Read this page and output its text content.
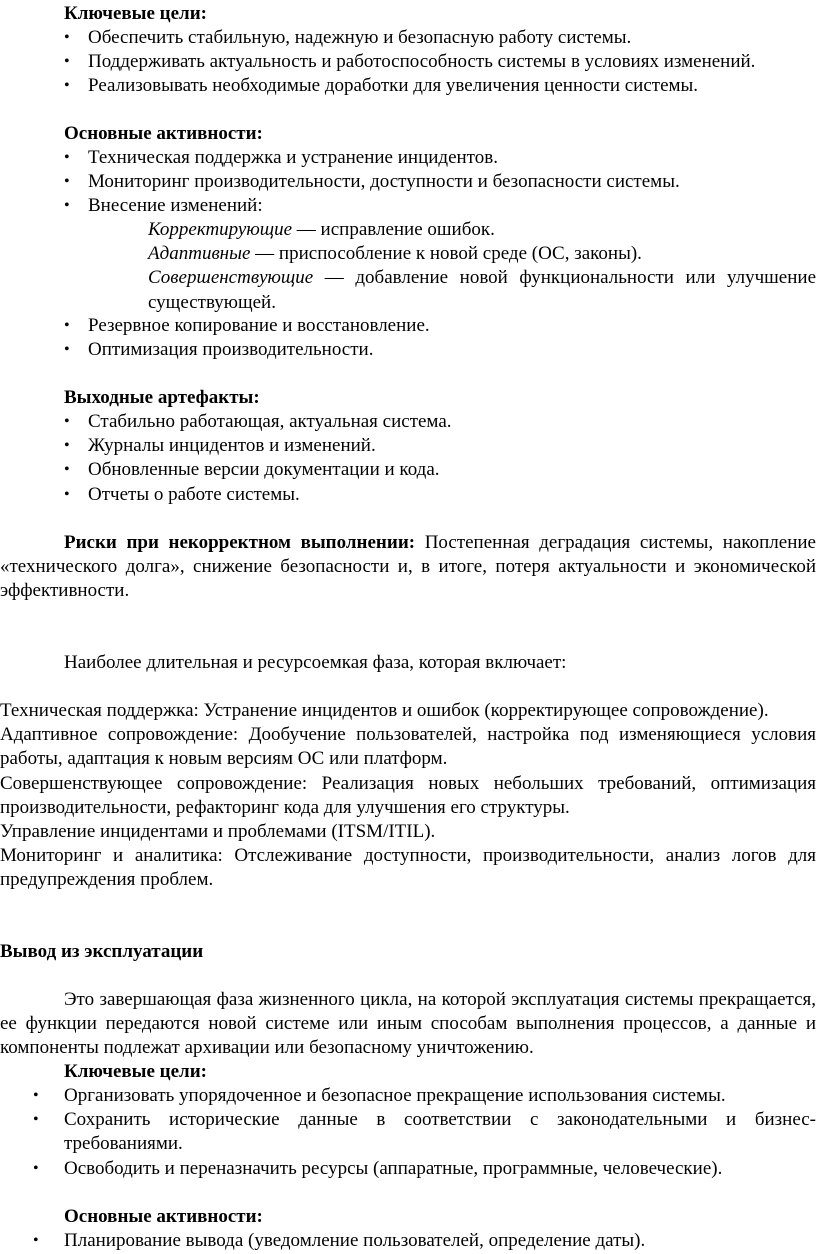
Ключевые цели:

• Обеспечить стабильную, надежную и безопасную работу системы.
• Поддерживать актуальность и работоспособность системы в условиях изменений.
• Реализовывать необходимые доработки для увеличения ценности системы.

Основные активности:

• Техническая поддержка и устранение инцидентов.
• Мониторинг производительности, доступности и безопасности системы.
• Внесение изменений:

Корректирующие — исправление ошибок.

Адаптивные — приспособление к новой среде (ОС, законы).

Совершенствующие — добавление новой функциональности или улучшение существующей.

• Резервное копирование и восстановление.
• Оптимизация производительности.

Выходные артефакты:

• Стабильно работающая, актуальная система.
• Журналы инцидентов и изменений.
• Обновленные версии документации и кода.
• Отчеты о работе системы.

Риски при некорректном выполнении: Постепенная деградация системы, накопление «технического долга», снижение безопасности и, в итоге, потеря актуальности и экономической эффективности.

Наиболее длительная и ресурсоемкая фаза, которая включает:

Техническая поддержка: Устранение инцидентов и ошибок (корректирующее сопровождение).

Адаптивное сопровождение: Дообучение пользователей, настройка под изменяющиеся условия работы, адаптация к новым версиям ОС или платформ.

Совершенствующее сопровождение: Реализация новых небольших требований, оптимизация производительности, рефакторинг кода для улучшения его структуры.

Управление инцидентами и проблемами (ITSM/ITIL).

Мониторинг и аналитика: Отслеживание доступности, производительности, анализ логов для предупреждения проблем.

Вывод из эксплуатации

Это завершающая фаза жизненного цикла, на которой эксплуатация системы прекращается, ее функции передаются новой системе или иным способам выполнения процессов, а данные и компоненты подлежат архивации или безопасному уничтожению.

Ключевые цели:

• Организовать упорядоченное и безопасное прекращение использования системы.
• Сохранить исторические данные в соответствии с законодательными и бизнес-требованиями.
• Освободить и переназначить ресурсы (аппаратные, программные, человеческие).

Основные активности:

• Планирование вывода (уведомление пользователей, определение даты).
